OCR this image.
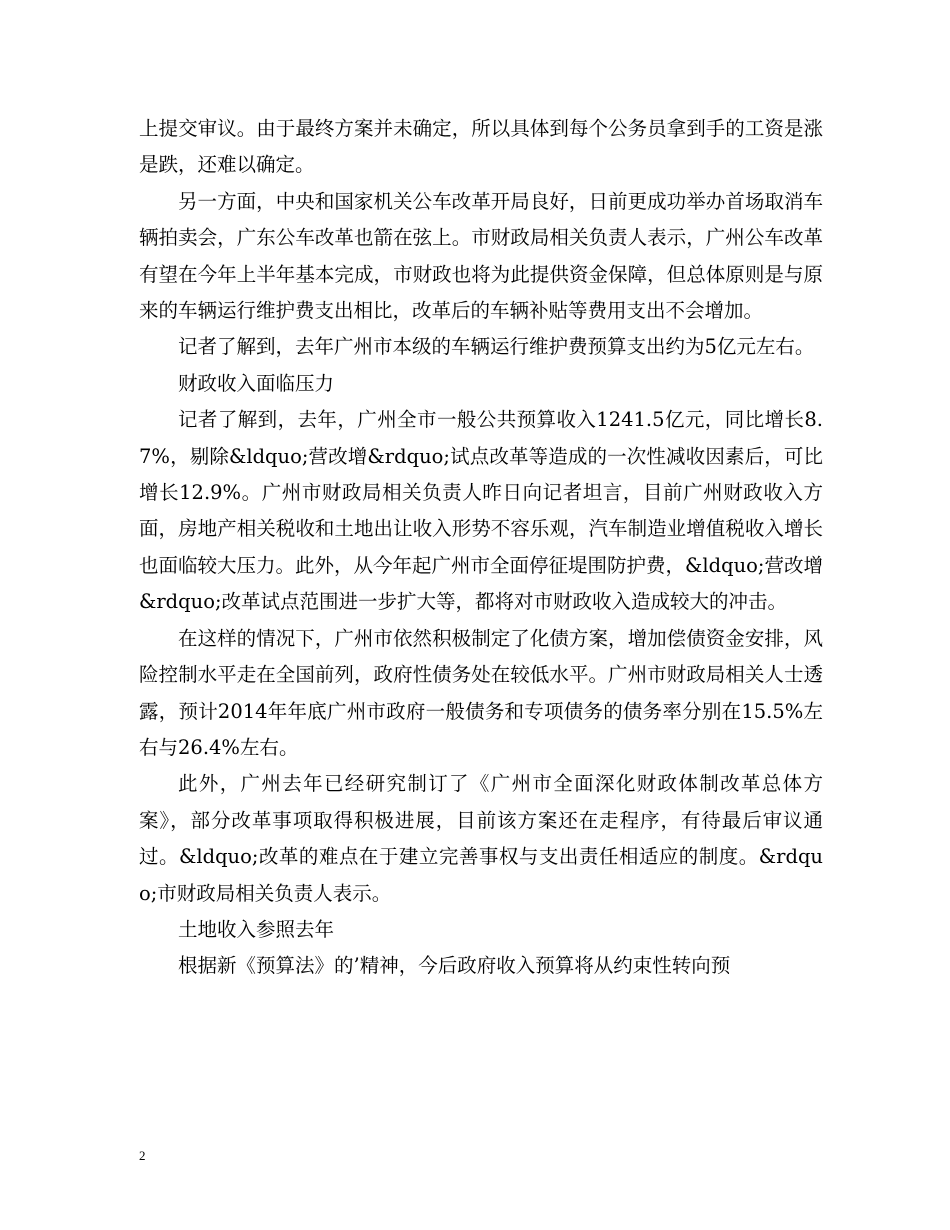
上提交审议。由于最终方案并未确定，所以具体到每个公务员拿到手的工资是涨是跌，还难以确定。

另一方面，中央和国家机关公车改革开局良好，日前更成功举办首场取消车辆拍卖会，广东公车改革也箭在弦上。市财政局相关负责人表示，广州公车改革有望在今年上半年基本完成，市财政也将为此提供资金保障，但总体原则是与原来的车辆运行维护费支出相比，改革后的车辆补贴等费用支出不会增加。

记者了解到，去年广州市本级的车辆运行维护费预算支出约为5亿元左右。

财政收入面临压力

记者了解到，去年，广州全市一般公共预算收入1241.5亿元，同比增长8.7%，剔除&ldquo;营改增&rdquo;试点改革等造成的一次性减收因素后，可比增长12.9%。广州市财政局相关负责人昨日向记者坦言，目前广州财政收入方面，房地产相关税收和土地出让收入形势不容乐观，汽车制造业增值税收入增长也面临较大压力。此外，从今年起广州市全面停征堤围防护费，&ldquo;营改增&rdquo;改革试点范围进一步扩大等，都将对市财政收入造成较大的冲击。

在这样的情况下，广州市依然积极制定了化债方案，增加偿债资金安排，风险控制水平走在全国前列，政府性债务处在较低水平。广州市财政局相关人士透露，预计2014年年底广州市政府一般债务和专项债务的债务率分别在15.5%左右与26.4%左右。

此外，广州去年已经研究制订了《广州市全面深化财政体制改革总体方案》，部分改革事项取得积极进展，目前该方案还在走程序，有待最后审议通过。&ldquo;改革的难点在于建立完善事权与支出责任相适应的制度。&rdquo;市财政局相关负责人表示。

土地收入参照去年

根据新《预算法》的’精神，今后政府收入预算将从约束性转向预

2
